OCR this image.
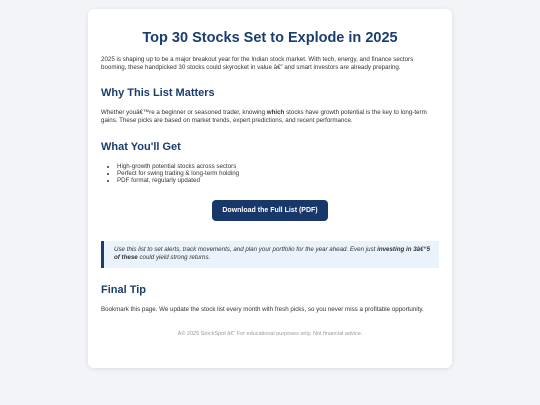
Top 30 Stocks Set to Explode in 2025

2025 is shaping up to be a major breakout year for the Indian stock market. With tech, energy, and finance sectors booming, these handpicked 30 stocks could skyrocket in value â€” and smart investors are already preparing.

Why This List Matters

Whether youâ€™re a beginner or seasoned trader, knowing which stocks have growth potential is the key to long-term gains. These picks are based on market trends, expert predictions, and recent performance.

What You'll Get
• High-growth potential stocks across sectors
• Perfect for swing trading & long-term holding
• PDF format, regularly updated
Download the Full List (PDF)
Use this list to set alerts, track movements, and plan your portfolio for the year ahead. Even just investing in 3â€“5 of these could yield strong returns.
Final Tip

Bookmark this page. We update the stock list every month with fresh picks, so you never miss a profitable opportunity.

Â© 2025 StockSpot â€” For educational purposes only. Not financial advice.
